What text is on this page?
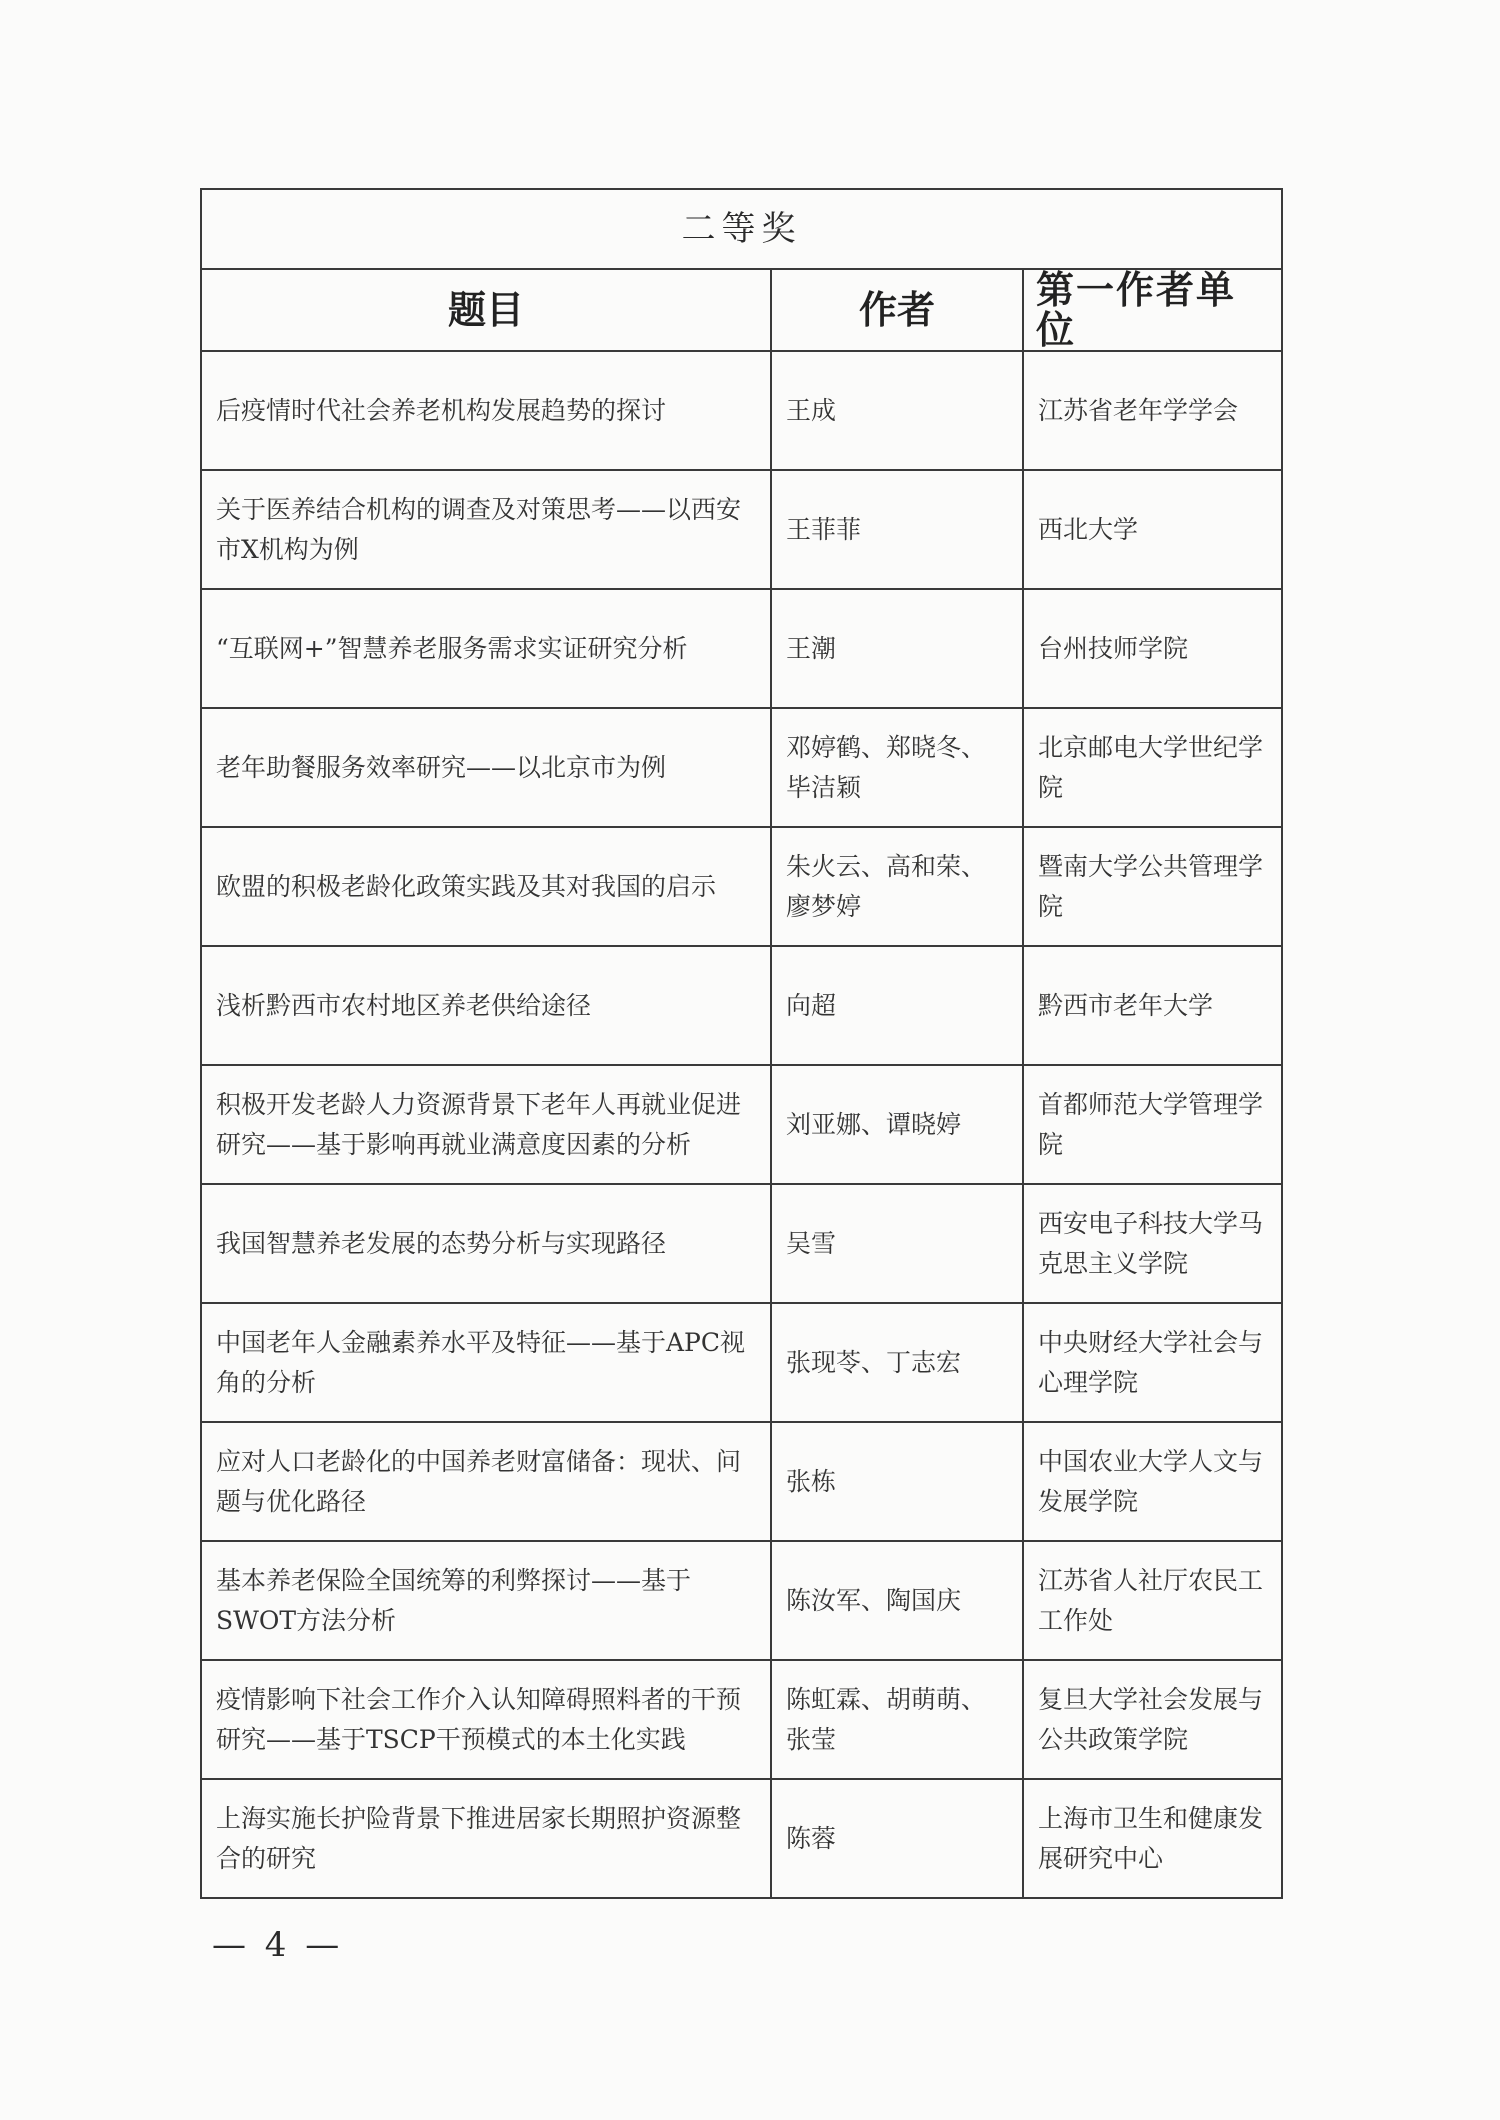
二等奖		
题目	作者	第一作者单位
后疫情时代社会养老机构发展趋势的探讨	王成	江苏省老年学学会
关于医养结合机构的调查及对策思考——以西安市X机构为例	王菲菲	西北大学
“互联网+”智慧养老服务需求实证研究分析	王潮	台州技师学院
老年助餐服务效率研究——以北京市为例	邓婷鹤、郑晓冬、毕洁颖	北京邮电大学世纪学院
欧盟的积极老龄化政策实践及其对我国的启示	朱火云、高和荣、廖梦婷	暨南大学公共管理学院
浅析黔西市农村地区养老供给途径	向超	黔西市老年大学
积极开发老龄人力资源背景下老年人再就业促进研究——基于影响再就业满意度因素的分析	刘亚娜、谭晓婷	首都师范大学管理学院
我国智慧养老发展的态势分析与实现路径	吴雪	西安电子科技大学马克思主义学院
中国老年人金融素养水平及特征——基于APC视角的分析	张现苓、丁志宏	中央财经大学社会与心理学院
应对人口老龄化的中国养老财富储备：现状、问题与优化路径	张栋	中国农业大学人文与发展学院
基本养老保险全国统筹的利弊探讨——基于SWOT方法分析	陈汝军、陶国庆	江苏省人社厅农民工工作处
疫情影响下社会工作介入认知障碍照料者的干预研究——基于TSCP干预模式的本土化实践	陈虹霖、胡萌萌、张莹	复旦大学社会发展与公共政策学院
上海实施长护险背景下推进居家长期照护资源整合的研究	陈蓉	上海市卫生和健康发展研究中心
— 4 —
